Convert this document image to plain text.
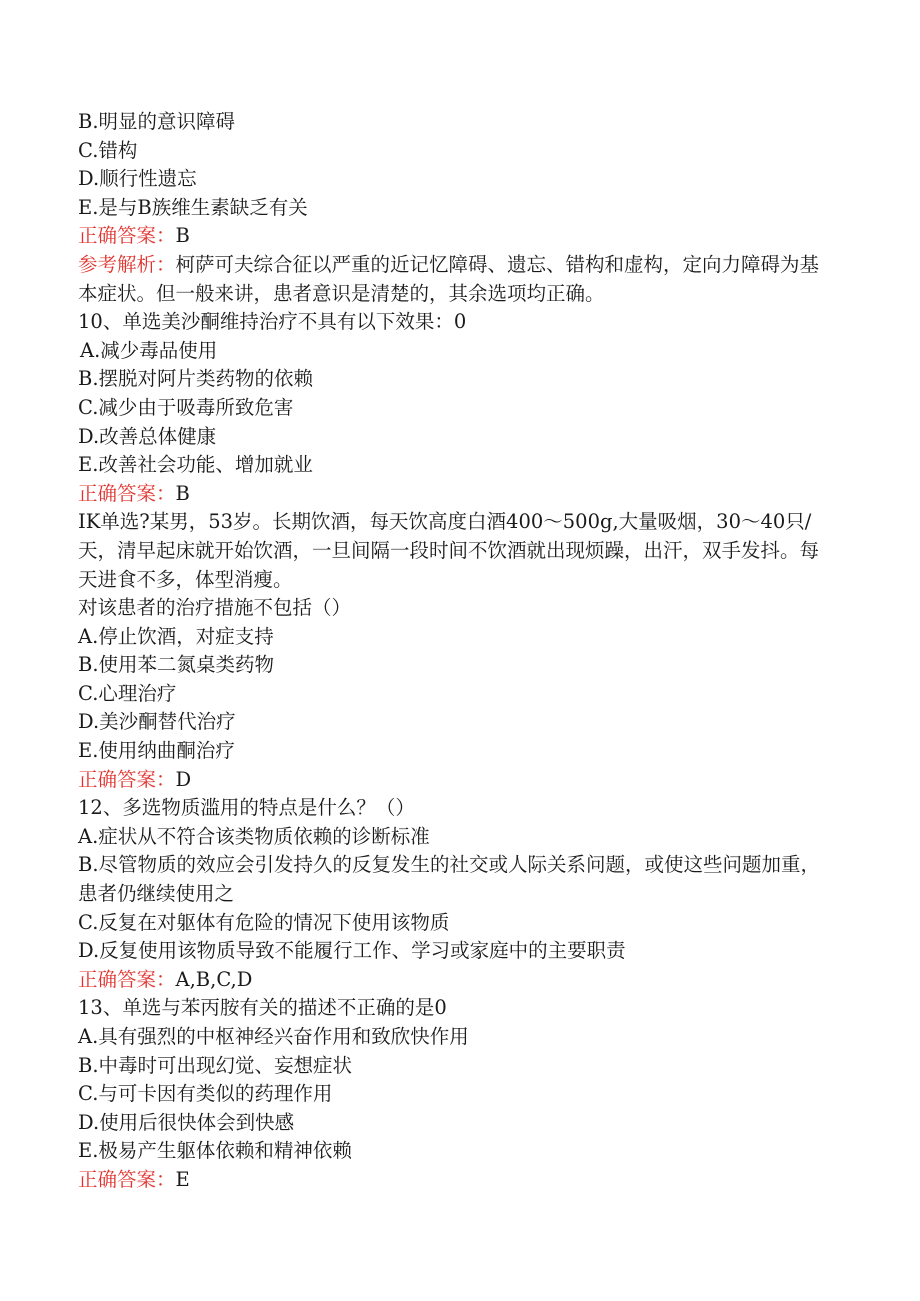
B.明显的意识障碍
C.错构
D.顺行性遗忘
E.是与B族维生素缺乏有关
正确答案：B
参考解析：柯萨可夫综合征以严重的近记忆障碍、遗忘、错构和虚构，定向力障碍为基本症状。但一般来讲，患者意识是清楚的，其余选项均正确。
10、单选美沙酮维持治疗不具有以下效果：0
A.减少毒品使用
B.摆脱对阿片类药物的依赖
C.减少由于吸毒所致危害
D.改善总体健康
E.改善社会功能、增加就业
正确答案：B
IK单选?某男，53岁。长期饮酒，每天饮高度白酒400～500g,大量吸烟，30～40只/天，清早起床就开始饮酒，一旦间隔一段时间不饮酒就出现烦躁，出汗，双手发抖。每天进食不多，体型消瘦。
对该患者的治疗措施不包括（）
A.停止饮酒，对症支持
B.使用苯二氮桌类药物
C.心理治疗
D.美沙酮替代治疗
E.使用纳曲酮治疗
正确答案：D
12、多选物质滥用的特点是什么？（）
A.症状从不符合该类物质依赖的诊断标准
B.尽管物质的效应会引发持久的反复发生的社交或人际关系问题，或使这些问题加重，患者仍继续使用之
C.反复在对躯体有危险的情况下使用该物质
D.反复使用该物质导致不能履行工作、学习或家庭中的主要职责
正确答案：A,B,C,D
13、单选与苯丙胺有关的描述不正确的是0
A.具有强烈的中枢神经兴奋作用和致欣快作用
B.中毒时可出现幻觉、妄想症状
C.与可卡因有类似的药理作用
D.使用后很快体会到快感
E.极易产生躯体依赖和精神依赖
正确答案：E
